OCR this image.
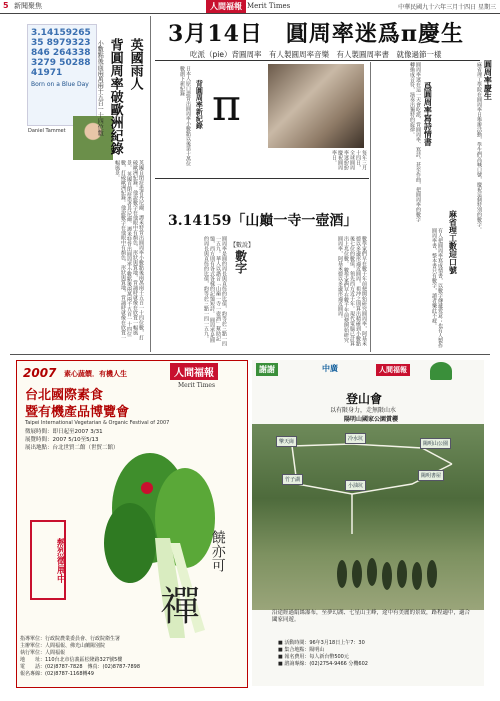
5 新聞聚焦	人間福報 Merit Times	中華民國九十六年三月十四日 星期三
3.1415926535 8979323846 2643383279 5028841971
Born on a Blue Day
Daniel Tammet
英國雨人
背圓周率破歐洲紀錄
小數點後面兩萬兩千五百一十四位數
英國自閉症患者丹尼爾．譚米特背出圓周率小數點後兩萬兩千五百一十四位數，打破歐洲紀錄。他說數字在他眼中有顏色、形狀與質地，背誦時就像在欣賞一幅風景。 英國自閉症患者丹尼爾．譚米特背出圓周率小數點後兩萬兩千五百一十四位數，打破歐洲紀錄。他說數字在他眼中有顏色、形狀與質地，背誦時就像在欣賞一幅風景。
3月14日　圓周率迷爲π慶生
吃派（pie）背圓周率　有人製圓周率音樂　有人製圓周率書　就像過節一樣
日本人原口證背出圓周率小數點以後第十萬位數創下新紀錄	背圓周率新紀錄 π
每年三月十四日，全球圓周率迷紛紛慶祝圓周率日。
3.14159「山巔一寺一壺酒」
【數說】
數字
圓周率是圓的周長與直徑的比值，約等於三點一四一五九。華人以諧音「山巔一寺一壺酒」幫助記憶，西方則有各式各樣的記憶短詩。 圓周率是圓的周長與直徑的比值，約等於三點一四一五九。	數學家們早在數千年前便開始研究圓周率，阿基米德以多邊形逼近圓周，祖沖之則算出精確到小數點後七位的數值，領先西方近千年。現代電腦已計算出上兆位數。 數學家們早在數千年前便開始研究圓周率，阿基米德以多邊形逼近圓周。
圓周率迷在這一天會吃派、背圓周率、寫詩，甚至作曲，把圓周率的數字轉換成音符，演奏出獨特的旋律。	爲圓周率寫詩情書
有人把圓周率寫成情書，以數字傳遞愛意；也有人製作圓周率書，整本書只有數字，讀者樂此不疲。	麻省理工數迎口號
圓周率慶生
麻省理工學院在圓周率日舉辦活動，學生們高喊口號，慶祝這個特別的數字。
2007 素心蔬饌．有機人生	人間福報
Merit Times
台北國際素食
暨有機產品博覽會
Taipei International Vegetarian & Organic Festival of 2007
徵展時間：即日起至2007 3/31
展覽時間：2007 5/10至5/13
展出地點：台北世貿二館（世貿二館）
熱烈徵展中	饒亦可
禪
指導單位：行政院農業委員會、行政院衛生署
主辦單位：人間福報、佛光山蘭陽別院
執行單位：人間福報
地　　址：110台北市信義區松隆路327號5樓
電　　話：(02)8787-7828　傳真：(02)8787-7898
報名專線：(02)8787-1168轉49
謝謝	中廣	人間福報
登山會
以有限身力，走無限山水
陽明山國家公園賞櫻
擎天崗	冷水坑
陽明山公園
竹子湖
小油坑
陽明書屋
沿途經過絹絲瀑布，至夢幻湖、七星山主峰，途中有美麗的景致，路程適中，適合闔家同遊。
■ 活動時間：96年3月18日上午7：30
■ 集合地點：陽明山
■ 報名費用：每人新台幣500元
■ 諮詢專線：(02)2754-9466 分機602
